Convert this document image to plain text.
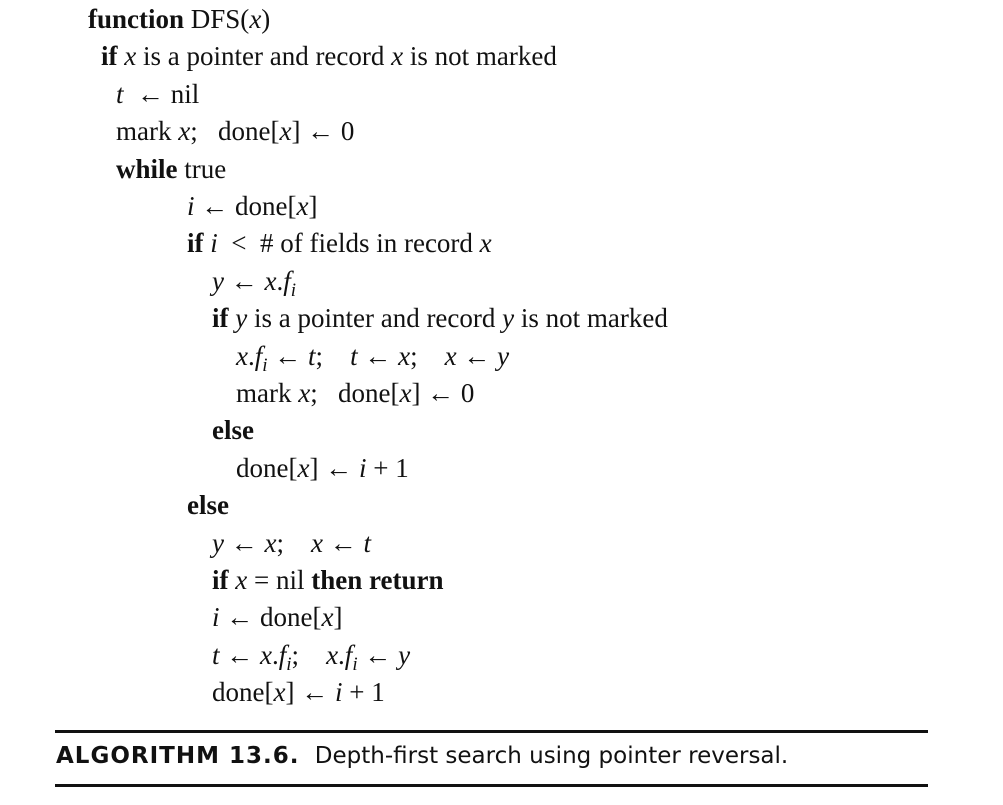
function DFS(x)
if x is a pointer and record x is not marked
t  ← nil
mark x;   done[x] ← 0
while true
i ← done[x]
if i  <  # of fields in record x
y ← $x.f_i$
if y is a pointer and record y is not marked
$x.f_i$ ← t;    t ← x;    x ← y
mark x;   done[x] ← 0
else
done[x] ← i + 1
else
y ← x;    x ← t
if x = nil then return
i ← done[x]
t ← $x.f_i$;    $x.f_i$ ← y
done[x] ← i + 1
ALGORITHM 13.6. Depth-first search using pointer reversal.
